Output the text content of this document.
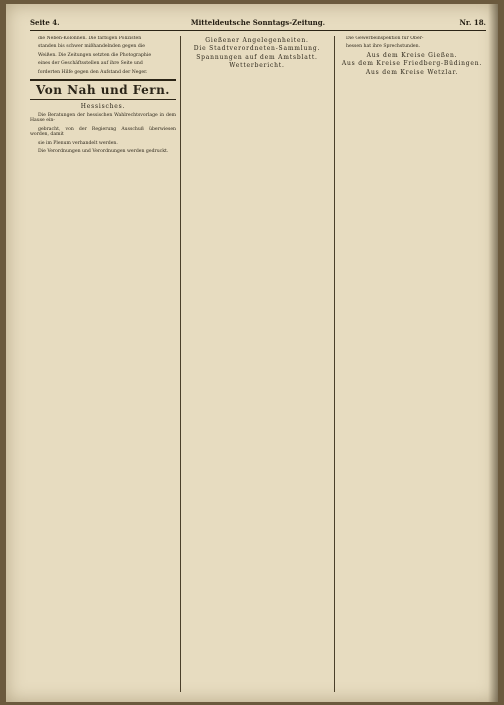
Seite 4.	Mitteldeutsche Sonntags-Zeitung.	Nr. 18.

die Neben-Kolonnen. Die farbigen Polizisten

standen bis schwer mißhandelnden gegen die

Weißen. Die Zeitungen setzten die Photographie

eines der Geschäftsstellen auf ihre Seite und

forderten Hilfe gegen den Aufstand der Neger.

Von Nah und Fern.
Hessisches.

Die Beratungen der hessischen Wahlrechtsvorlage in dem Hause ein-

gebracht, von der Regierung Ausschuß überwiesen worden, damit

sie im Plenum verhandelt werden.

Die Verordnungen und Verordnungen werden gedruckt.

Gießener Angelegenheiten.
Die Stadtverordneten-Sammlung.
Spannungen auf dem Amtsblatt.
Wetterbericht.

Die Gewerbeinspektion für Ober-

hessen hat ihre Sprechstunden.

Aus dem Kreise Gießen.
Aus dem Kreise Friedberg-Büdingen.
Aus dem Kreise Wetzlar.
